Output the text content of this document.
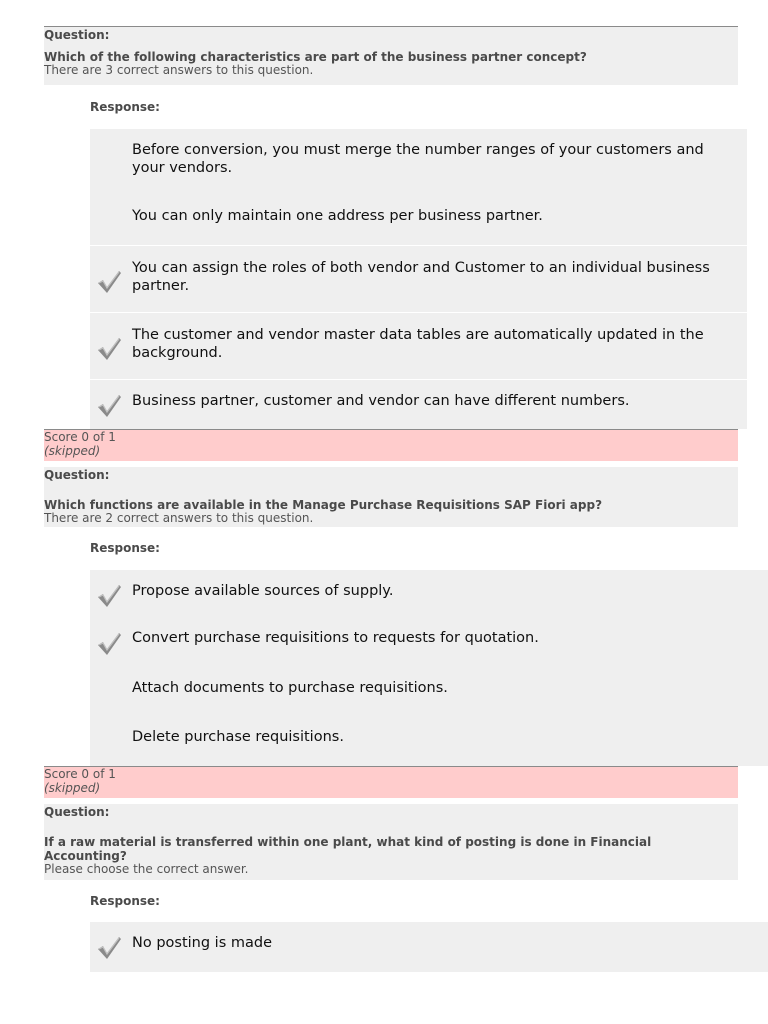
Question:
Which of the following characteristics are part of the business partner concept?
There are 3 correct answers to this question.
Response:
Before conversion, you must merge the number ranges of your customers and your vendors.
You can only maintain one address per business partner.
You can assign the roles of both vendor and Customer to an individual business partner.
The customer and vendor master data tables are automatically updated in the background.
Business partner, customer and vendor can have different numbers.
Score 0 of 1
(skipped)
Question:
Which functions are available in the Manage Purchase Requisitions SAP Fiori app?
There are 2 correct answers to this question.
Response:
Propose available sources of supply.
Convert purchase requisitions to requests for quotation.
Attach documents to purchase requisitions.
Delete purchase requisitions.
Score 0 of 1
(skipped)
Question:
If a raw material is transferred within one plant, what kind of posting is done in Financial Accounting?
Please choose the correct answer.
Response:
No posting is made
